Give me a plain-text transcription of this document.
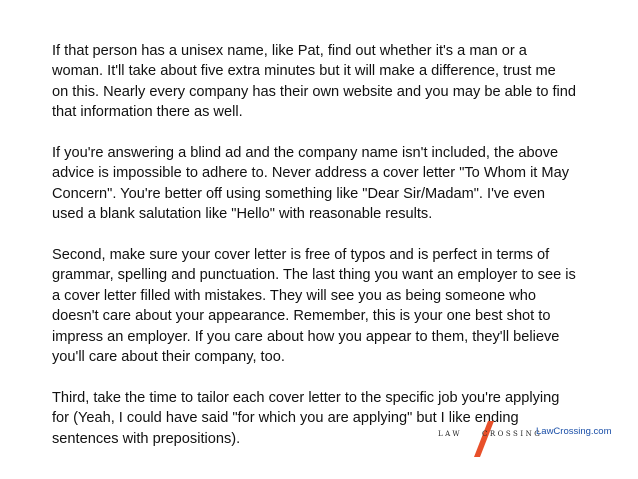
If that person has a unisex name, like Pat, find out whether it's a man or a
woman. It'll take about five extra minutes but it will make a difference, trust me
on this. Nearly every company has their own website and you may be able to find
that information there as well.

If you're answering a blind ad and the company name isn't included, the above
advice is impossible to adhere to. Never address a cover letter "To Whom it May
Concern". You're better off using something like "Dear Sir/Madam". I've even
used a blank salutation like "Hello" with reasonable results.

Second, make sure your cover letter is free of typos and is perfect in terms of
grammar, spelling and punctuation. The last thing you want an employer to see is
a cover letter filled with mistakes. They will see you as being someone who
doesn't care about your appearance. Remember, this is your one best shot to
impress an employer. If you care about how you appear to them, they'll believe
you'll care about their company, too.

Third, take the time to tailor each cover letter to the specific job you're applying
for (Yeah, I could have said "for which you are applying" but I like ending
sentences with prepositions).	LAW	CROSSING
LawCrossing.com
